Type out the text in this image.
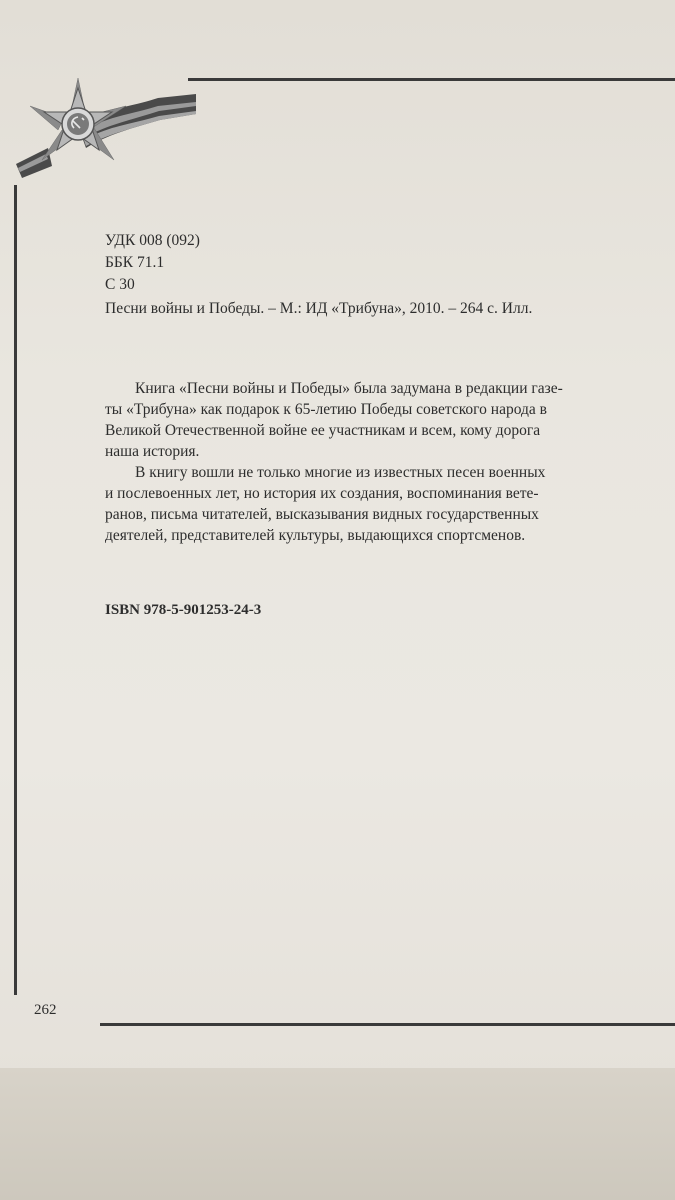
УДК 008 (092)

ББК 71.1

С 30

Песни войны и Победы. – М.: ИД «Трибуна», 2010. – 264 с. Илл.

Книга «Песни войны и Победы» была задумана в редакции газе-
ты «Трибуна» как подарок к 65-летию Победы советского народа в
Великой Отечественной войне ее участникам и всем, кому дорога
наша история.

В книгу вошли не только многие из известных песен военных
и послевоенных лет, но история их создания, воспоминания вете-
ранов, письма читателей, высказывания видных государственных
деятелей, представителей культуры, выдающихся спортсменов.

ISBN 978-5-901253-24-3

262
